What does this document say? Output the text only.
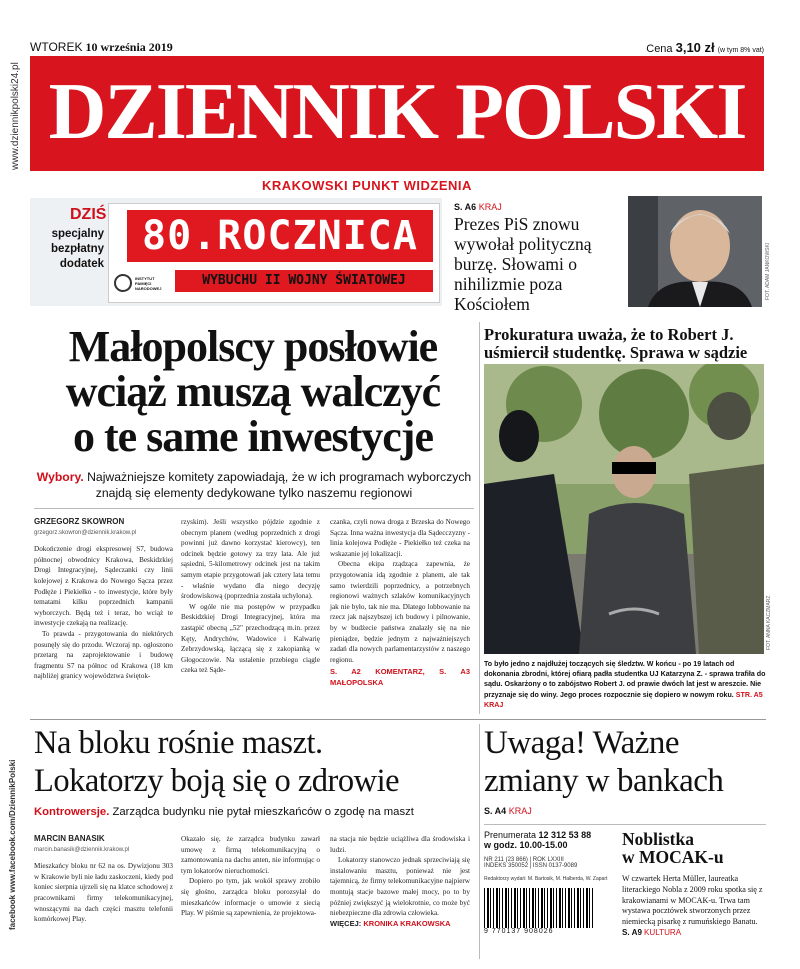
www.dziennikpolski24.pl
facebook www.facebook.com/DziennikPolski
WTOREK 10 września 2019	Cena 3,10 zł (w tym 8% vat)
DZIENNIK POLSKI
KRAKOWSKI PUNKT WIDZENIA
DZIŚ
specjalny
bezpłatny
dodatek
80.ROCZNICA
INSTYTUT PAMIĘCI NARODOWEJ
WYBUCHU II WOJNY ŚWIATOWEJ
S. A6 KRAJ
Prezes PiS znowu wywołał polityczną burzę. Słowami o nihilizmie poza Kościołem
FOT. ADAM JANKOWSKI
Małopolscy posłowie
wciąż muszą walczyć
o te same inwestycje
Wybory. Najważniejsze komitety zapowiadają, że w ich programach wyborczych znajdą się elementy dedykowane tylko naszemu regionowi
GRZEGORZ SKOWRON
grzegorz.skowron@dziennik.krakow.pl

Dokończenie drogi ekspresowej S7, budowa północnej obwodnicy Krakowa, Beskidzkiej Drogi Integracyjnej, Sądeczanki czy linii kolejowej z Krakowa do Nowego Sącza przez Podłęże i Piekiełko - to inwestycje, które były tematami kilku poprzednich kampanii wyborczych. Będą też i teraz, bo wciąż te inwestycje czekają na realizację.

To prawda - przygotowania do niektórych posunęły się do przodu. Wczoraj np. ogłoszono przetarg na zaprojektowanie i budowę fragmentu S7 na północ od Krakowa (18 km najbliżej granicy województwa świętok-

rzyskim). Jeśli wszystko pójdzie zgodnie z obecnym planem (według poprzednich z drogi powinni już dawno korzystać kierowcy), ten odcinek będzie gotowy za trzy lata. Ale już sąsiedni, 5-kilometrowy odcinek jest na takim samym etapie przygotowań jak cztery lata temu - właśnie wydano dla niego decyzję środowiskową (poprzednia została uchylona).

W ogóle nie ma postępów w przypadku Beskidzkiej Drogi Integracyjnej, która ma zastąpić obecną „52" przechodzącą m.in. przez Kęty, Andrychów, Wadowice i Kalwarię Zebrzydowską, łączącą się z zakopianką w Głogoczowie. Na ustalenie przebiegu ciągle czeka też Sąde-

czanka, czyli nowa droga z Brzeska do Nowego Sącza. Inna ważna inwestycja dla Sądecczyzny - linia kolejowa Podłęże - Piekiełko też czeka na wskazanie jej lokalizacji.

Obecna ekipa rządząca zapewnia, że przygotowania idą zgodnie z planem, ale tak samo twierdzili poprzednicy, a potrzebnych regionowi ważnych szlaków komunikacyjnych jak nie było, tak nie ma. Dlatego lobbowanie na rzecz jak najszybszej ich budowy i pilnowanie, by w budżecie państwa znalazły się na nie pieniądze, będzie jednym z najważniejszych zadań dla nowych parlamentarzystów z naszego regionu.

S. A2 KOMENTARZ, S. A3 MAŁOPOLSKA
Prokuratura uważa, że to Robert J. uśmiercił studentkę. Sprawa w sądzie
FOT. ANNA KACZMARZ
To było jedno z najdłużej toczących się śledztw. W końcu - po 19 latach od dokonania zbrodni, której ofiarą padła studentka UJ Katarzyna Z. - sprawa trafiła do sądu. Oskarżony o to zabójstwo Robert J. od prawie dwóch lat jest w areszcie. Nie przyznaje się do winy. Jego proces rozpocznie się dopiero w nowym roku. STR. A5 KRAJ
Na bloku rośnie maszt.
Lokatorzy boją się o zdrowie
Kontrowersje. Zarządca budynku nie pytał mieszkańców o zgodę na maszt
MARCIN BANASIK
marcin.banasik@dziennik.krakow.pl

Mieszkańcy bloku nr 62 na os. Dywizjonu 303 w Krakowie byli nie ładu zaskoczeni, kiedy pod koniec sierpnia ujrzeli się na klatce schodowej z pracownikami firmy telekomunikacyjnej, wnoszącymi na dach części masztu telefonii komórkowej Play.

Okazało się, że zarządca budynku zawarł umowę z firmą telekomunikacyjną o zamontowania na dachu anten, nie informując o tym lokatorów nieruchomości.

Dopiero po tym, jak wokół sprawy zrobiło się głośno, zarządca bloku porozsyłał do mieszkańców informacje o umowie z siecią Play. W piśmie są zapewnienia, że projektowa-

na stacja nie będzie uciążliwa dla środowiska i ludzi.

Lokatorzy stanowczo jednak sprzeciwiają się instalowaniu masztu, ponieważ nie jest tajemnicą, że firmy telekomunikacyjne najpierw montują stacje bazowe małej mocy, po to by później zwiększyć ją wielokrotnie, co może być niebezpieczne dla zdrowia człowieka.

WIĘCEJ: KRONIKA KRAKOWSKA
Uwaga! Ważne
zmiany w bankach
S. A4 KRAJ
Prenumerata 12 312 53 88
w godz. 10.00-15.00
NR 211 (23 866) | ROK LXXIII
INDEKS 350052 | ISSN 0137-9089
Redaktorzy wydań: M. Bartosik, M. Halberda, W. Zapart
9 770137 908026
Noblistka
w MOCAK-u
W czwartek Herta Müller, laureatka literackiego Nobla z 2009 roku spotka się z krakowianami w MOCAK-u. Trwa tam wystawa pocztówek stworzonych przez niemiecką pisarkę z rumuńskiego Banatu. S. A9 KULTURA
